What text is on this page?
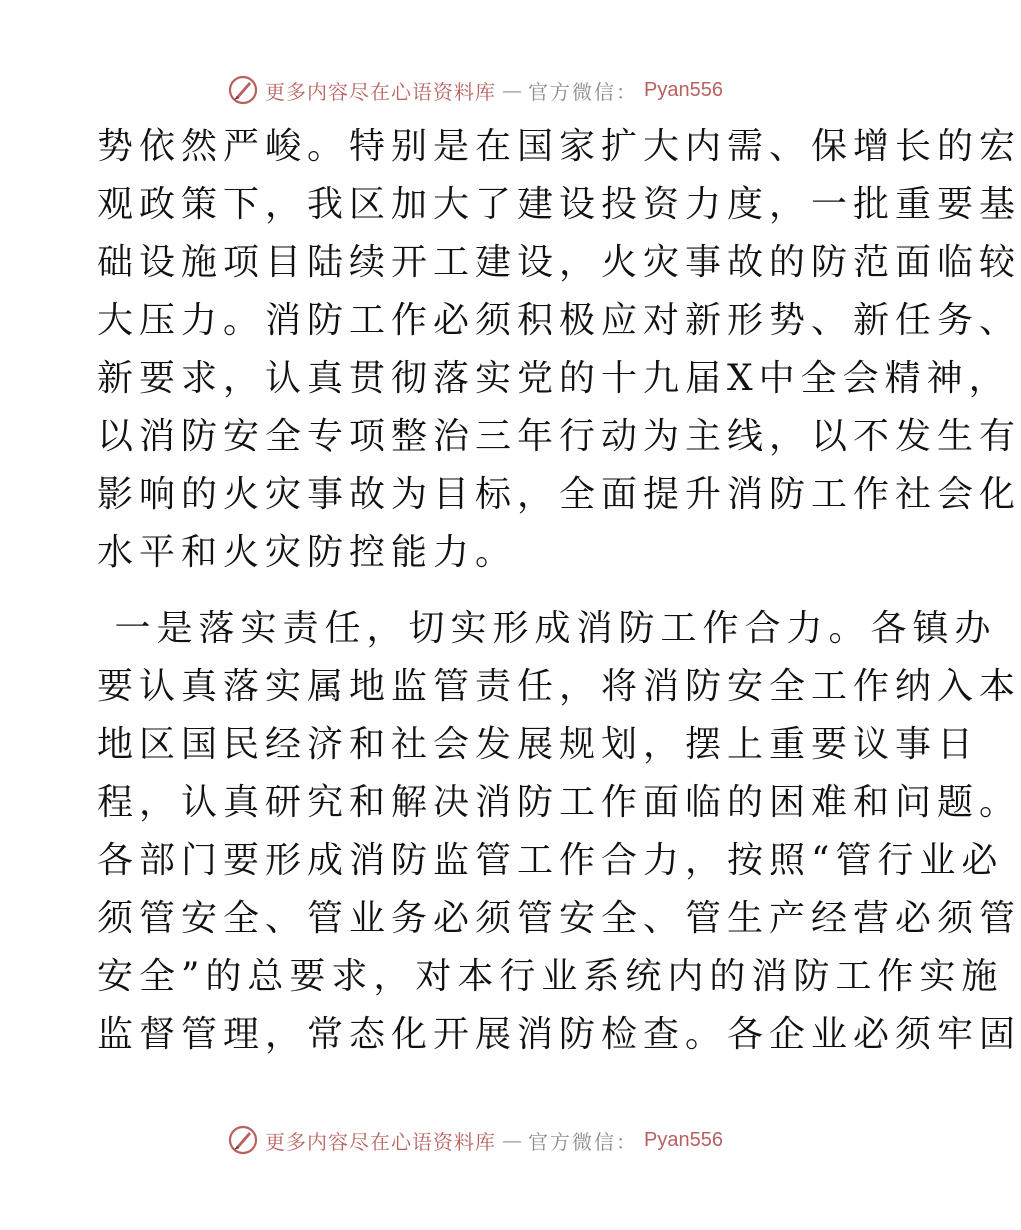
更多内容尽在心语资料库 — 官方微信： Pyan556
势依然严峻。特别是在国家扩大内需、保增长的宏
观政策下，我区加大了建设投资力度，一批重要基
础设施项目陆续开工建设，火灾事故的防范面临较
大压力。消防工作必须积极应对新形势、新任务、
新要求，认真贯彻落实党的十九届X中全会精神，
以消防安全专项整治三年行动为主线，以不发生有
影响的火灾事故为目标，全面提升消防工作社会化
水平和火灾防控能力。
一是落实责任，切实形成消防工作合力。各镇办
要认真落实属地监管责任，将消防安全工作纳入本
地区国民经济和社会发展规划，摆上重要议事日
程，认真研究和解决消防工作面临的困难和问题。
各部门要形成消防监管工作合力，按照“管行业必
须管安全、管业务必须管安全、管生产经营必须管
安全”的总要求，对本行业系统内的消防工作实施
监督管理，常态化开展消防检查。各企业必须牢固
更多内容尽在心语资料库 — 官方微信： Pyan556
